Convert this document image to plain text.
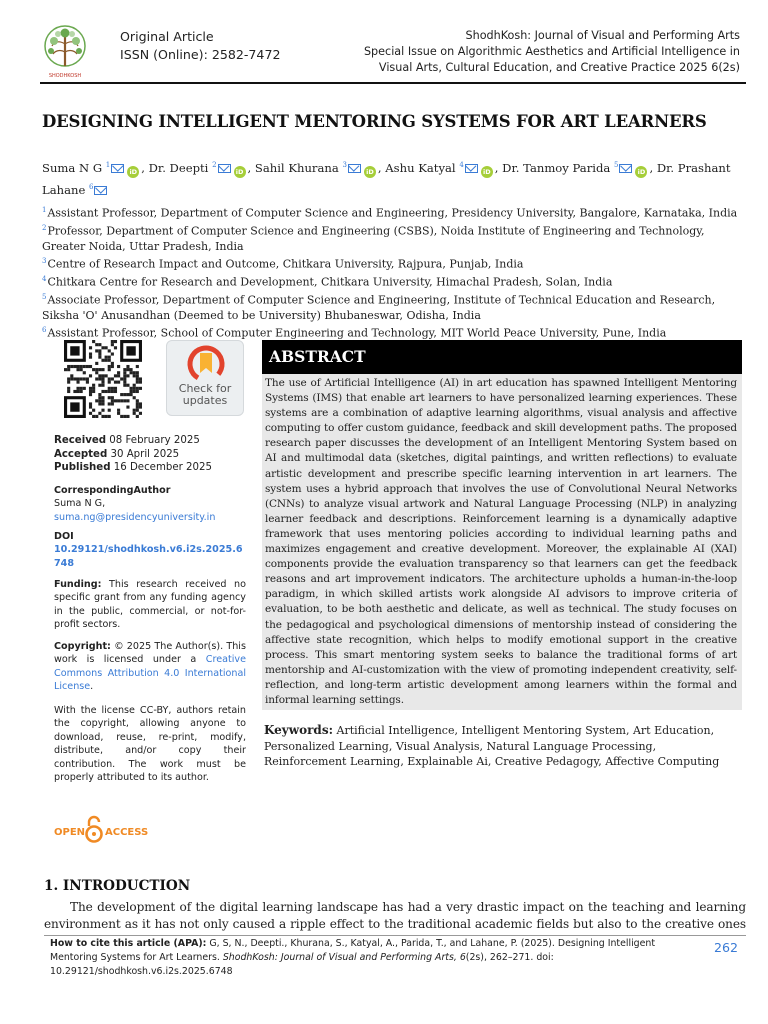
SHODHKOSH
Original Article
ISSN (Online): 2582-7472
ShodhKosh: Journal of Visual and Performing Arts
Special Issue on Algorithmic Aesthetics and Artificial Intelligence in
Visual Arts, Cultural Education, and Creative Practice 2025 6(2s)
DESIGNING INTELLIGENT MENTORING SYSTEMS FOR ART LEARNERS
Suma N G $^1$iD , Dr. Deepti $^2$iD , Sahil Khurana $^3$iD , Ashu Katyal $^4$iD , Dr. Tanmoy Parida $^5$iD , Dr. Prashant Lahane $^6$
$^1$Assistant Professor, Department of Computer Science and Engineering, Presidency University, Bangalore, Karnataka, India
$^2$Professor, Department of Computer Science and Engineering (CSBS), Noida Institute of Engineering and Technology, Greater Noida, Uttar Pradesh, India
$^3$Centre of Research Impact and Outcome, Chitkara University, Rajpura, Punjab, India
$^4$Chitkara Centre for Research and Development, Chitkara University, Himachal Pradesh, Solan, India
$^5$Associate Professor, Department of Computer Science and Engineering, Institute of Technical Education and Research, Siksha 'O' Anusandhan (Deemed to be University) Bhubaneswar, Odisha, India
$^6$Assistant Professor, School of Computer Engineering and Technology, MIT World Peace University, Pune, India
Check for updates
Received 08 February 2025
Accepted 30 April 2025
Published 16 December 2025
CorrespondingAuthor
Suma N G,
suma.ng@presidencyuniversity.in
DOI
10.29121/shodhkosh.v6.i2s.2025.6748
Funding: This research received no specific grant from any funding agency in the public, commercial, or not-for-profit sectors.
Copyright: © 2025 The Author(s). This work is licensed under a Creative Commons Attribution 4.0 International License.
With the license CC-BY, authors retain the copyright, allowing anyone to download, reuse, re-print, modify, distribute, and/or copy their contribution. The work must be properly attributed to its author.
OPEN ACCESS
ABSTRACT
The use of Artificial Intelligence (AI) in art education has spawned Intelligent Mentoring Systems (IMS) that enable art learners to have personalized learning experiences. These systems are a combination of adaptive learning algorithms, visual analysis and affective computing to offer custom guidance, feedback and skill development paths. The proposed research paper discusses the development of an Intelligent Mentoring System based on AI and multimodal data (sketches, digital paintings, and written reflections) to evaluate artistic development and prescribe specific learning intervention in art learners. The system uses a hybrid approach that involves the use of Convolutional Neural Networks (CNNs) to analyze visual artwork and Natural Language Processing (NLP) in analyzing learner feedback and descriptions. Reinforcement learning is a dynamically adaptive framework that uses mentoring policies according to individual learning paths and maximizes engagement and creative development. Moreover, the explainable AI (XAI) components provide the evaluation transparency so that learners can get the feedback reasons and art improvement indicators. The architecture upholds a human-in-the-loop paradigm, in which skilled artists work alongside AI advisors to improve criteria of evaluation, to be both aesthetic and delicate, as well as technical. The study focuses on the pedagogical and psychological dimensions of mentorship instead of considering the affective state recognition, which helps to modify emotional support in the creative process. This smart mentoring system seeks to balance the traditional forms of art mentorship and AI-customization with the view of promoting independent creativity, self-reflection, and long-term artistic development among learners within the formal and informal learning settings.
Keywords: Artificial Intelligence, Intelligent Mentoring System, Art Education, Personalized Learning, Visual Analysis, Natural Language Processing, Reinforcement Learning, Explainable Ai, Creative Pedagogy, Affective Computing
1. INTRODUCTION
The development of the digital learning landscape has had a very drastic impact on the teaching and learning environment as it has not only caused a ripple effect to the traditional academic fields but also to the creative ones
How to cite this article (APA): G, S, N., Deepti., Khurana, S., Katyal, A., Parida, T., and Lahane, P. (2025). Designing Intelligent Mentoring Systems for Art Learners. ShodhKosh: Journal of Visual and Performing Arts, 6(2s), 262–271. doi: 10.29121/shodhkosh.v6.i2s.2025.6748
262
